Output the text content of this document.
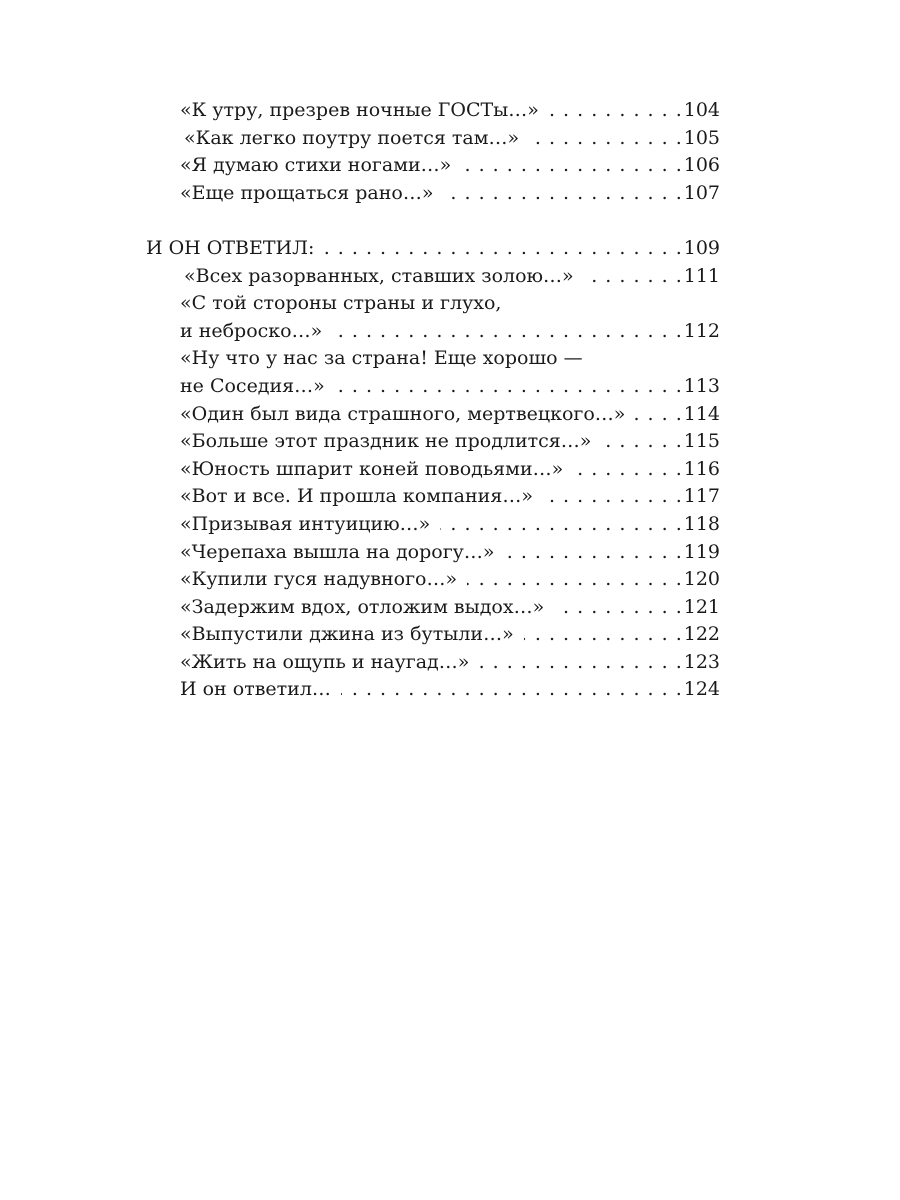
«К утру, презрев ночные ГОСТы…» . . .	104
«Как легко поутру поется там…» . . .	105
«Я думаю стихи ногами…» . . .	106
«Еще прощаться рано…» . . .	107
И ОН ОТВЕТИЛ: . . .	109
«Всех разорванных, ставших золою…» . . .	111
«С той стороны страны и глухо,
и неброско…» . . .	112
«Ну что у нас за страна! Еще хорошо —
не Соседия…» . . .	113
«Один был вида страшного, мертвецкого…» . . .	114
«Больше этот праздник не продлится…» . . .	115
«Юность шпарит коней поводьями…» . . .	116
«Вот и все. И прошла компания…» . . .	117
«Призывая интуицию…» . . .	118
«Черепаха вышла на дорогу…» . . .	119
«Купили гуся надувного…» . . .	120
«Задержим вдох, отложим выдох…» . . .	121
«Выпустили джина из бутыли…» . . .	122
«Жить на ощупь и наугад…» . . .	123
И он ответил… . . .	124
